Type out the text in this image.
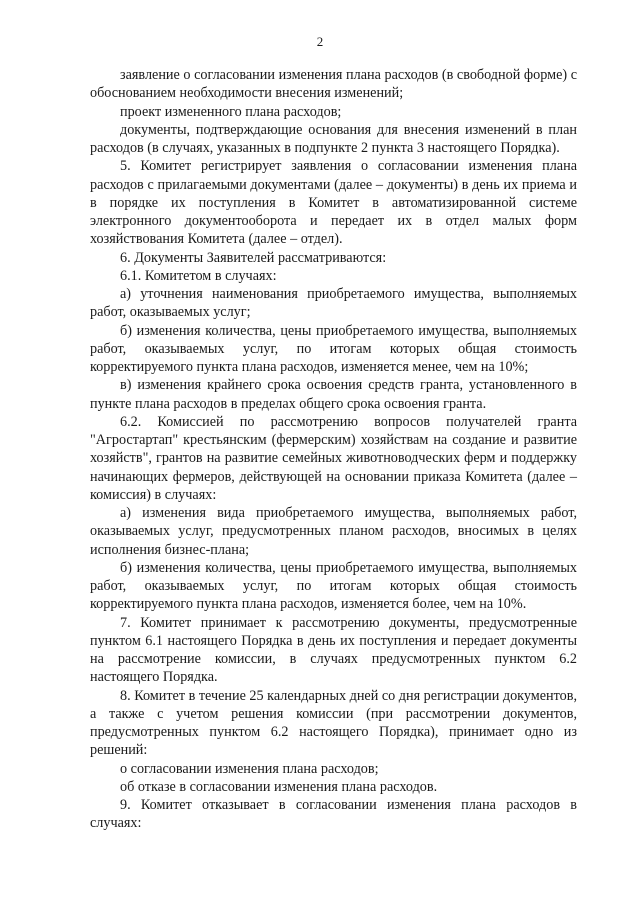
2

заявление о согласовании изменения плана расходов (в свободной форме) с обоснованием необходимости внесения изменений;

проект измененного плана расходов;

документы, подтверждающие основания для внесения изменений в план расходов (в случаях, указанных в подпункте 2 пункта 3 настоящего Порядка).

5. Комитет регистрирует заявления о согласовании изменения плана расходов с прилагаемыми документами (далее – документы) в день их приема и в порядке их поступления в Комитет в автоматизированной системе электронного документооборота и передает их в отдел малых форм хозяйствования Комитета (далее – отдел).

6. Документы Заявителей рассматриваются:

6.1. Комитетом в случаях:

а) уточнения наименования приобретаемого имущества, выполняемых работ, оказываемых услуг;

б) изменения количества, цены приобретаемого имущества, выполняемых работ, оказываемых услуг, по итогам которых общая стоимость корректируемого пункта плана расходов, изменяется менее, чем на 10%;

в) изменения крайнего срока освоения средств гранта, установленного в пункте плана расходов в пределах общего срока освоения гранта.

6.2. Комиссией по рассмотрению вопросов получателей гранта "Агростартап" крестьянским (фермерским) хозяйствам на создание и развитие хозяйств", грантов на развитие семейных животноводческих ферм и поддержку начинающих фермеров, действующей на основании приказа Комитета (далее – комиссия) в случаях:

а) изменения вида приобретаемого имущества, выполняемых работ, оказываемых услуг, предусмотренных планом расходов, вносимых в целях исполнения бизнес-плана;

б) изменения количества, цены приобретаемого имущества, выполняемых работ, оказываемых услуг, по итогам которых общая стоимость корректируемого пункта плана расходов, изменяется более, чем на 10%.

7. Комитет принимает к рассмотрению документы, предусмотренные пунктом 6.1 настоящего Порядка в день их поступления и передает документы на рассмотрение комиссии, в случаях предусмотренных пунктом 6.2 настоящего Порядка.

8. Комитет в течение 25 календарных дней со дня регистрации документов, а также с учетом решения комиссии (при рассмотрении документов, предусмотренных пунктом 6.2 настоящего Порядка), принимает одно из решений:

о согласовании изменения плана расходов;

об отказе в согласовании изменения плана расходов.

9. Комитет отказывает в согласовании изменения плана расходов в случаях:
